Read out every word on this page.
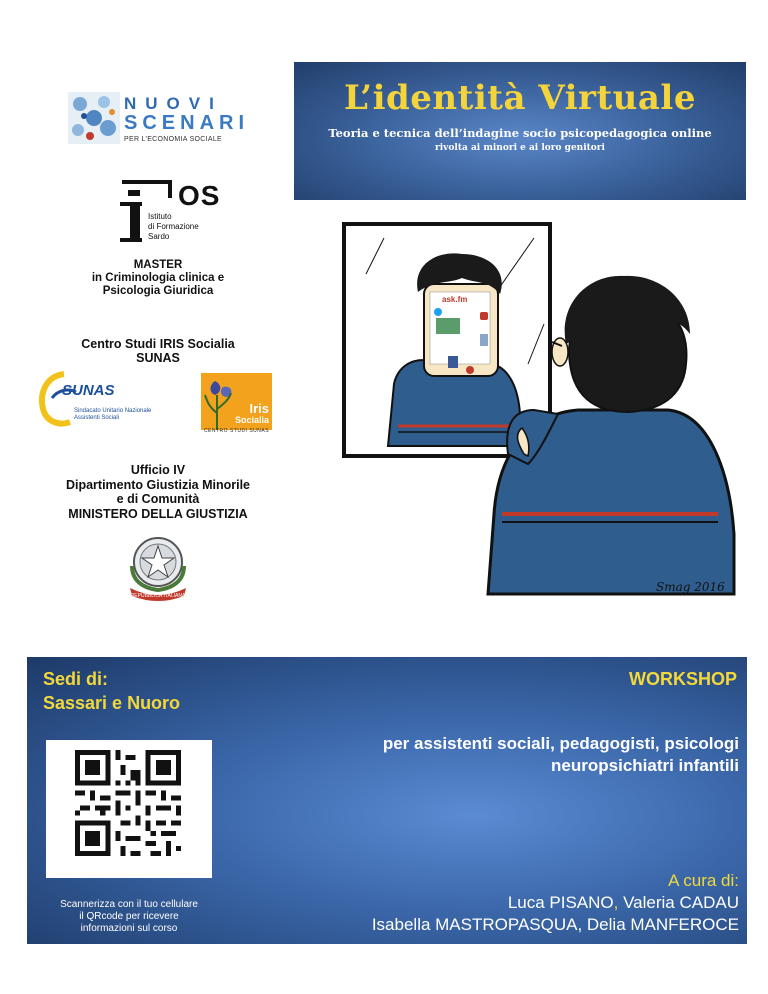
L’identità Virtuale
Teoria e tecnica dell’indagine socio psicopedagogica online
rivolta ai minori e ai loro genitori
NUOVI
SCENARI
PER L’ECONOMIA SOCIALE
OS
Istituto
di Formazione
Sardo
MASTER
in Criminologia clinica e
Psicologia Giuridica
Centro Studi IRIS Socialia
SUNAS
SUNAS
Sindacato Unitario Nazionale
Assistenti Sociali
Iris
Socialia
CENTRO STUDI SUNAS
Ufficio IV
Dipartimento Giustizia Minorile
e di Comunità
MINISTERO DELLA GIUSTIZIA
REPUBBLICA ITALIANA
ask.fm
Smag 2016
Sedi di:
Sassari e Nuoro
WORKSHOP
per assistenti sociali, pedagogisti, psicologi
neuropsichiatri infantili
Scannerizza con il tuo cellulare
il QRcode per ricevere
informazioni sul corso
A cura di:
Luca PISANO, Valeria CADAU
Isabella MASTROPASQUA, Delia MANFEROCE
